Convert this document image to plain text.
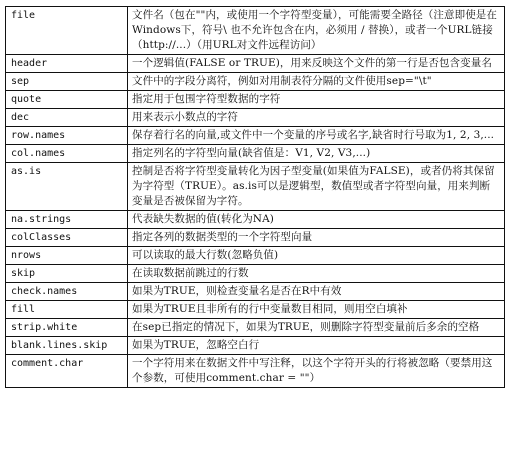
file	文件名（包在""内，或使用一个字符型变量），可能需要全路径（注意即使是在Windows下，符号\ 也不允许包含在内，必须用 / 替换），或者一个URL链接（http://...）（用URL对文件远程访问）
header	一个逻辑值(FALSE or TRUE)，用来反映这个文件的第一行是否包含变量名
sep	文件中的字段分离符，例如对用制表符分隔的文件使用sep="\t"
quote	指定用于包围字符型数据的字符
dec	用来表示小数点的字符
row.names	保存着行名的向量,或文件中一个变量的序号或名字,缺省时行号取为1, 2, 3,...
col.names	指定列名的字符型向量(缺省值是：V1, V2, V3,...)
as.is	控制是否将字符型变量转化为因子型变量(如果值为FALSE)，或者仍将其保留为字符型（TRUE）。as.is可以是逻辑型，数值型或者字符型向量，用来判断变量是否被保留为字符。
na.strings	代表缺失数据的值(转化为NA)
colClasses	指定各列的数据类型的一个字符型向量
nrows	可以读取的最大行数(忽略负值)
skip	在读取数据前跳过的行数
check.names	如果为TRUE，则检查变量名是否在R中有效
fill	如果为TRUE且非所有的行中变量数目相同，则用空白填补
strip.white	在sep已指定的情况下，如果为TRUE，则删除字符型变量前后多余的空格
blank.lines.skip	如果为TRUE，忽略空白行
comment.char	一个字符用来在数据文件中写注释，以这个字符开头的行将被忽略（要禁用这个参数，可使用comment.char = ""）
